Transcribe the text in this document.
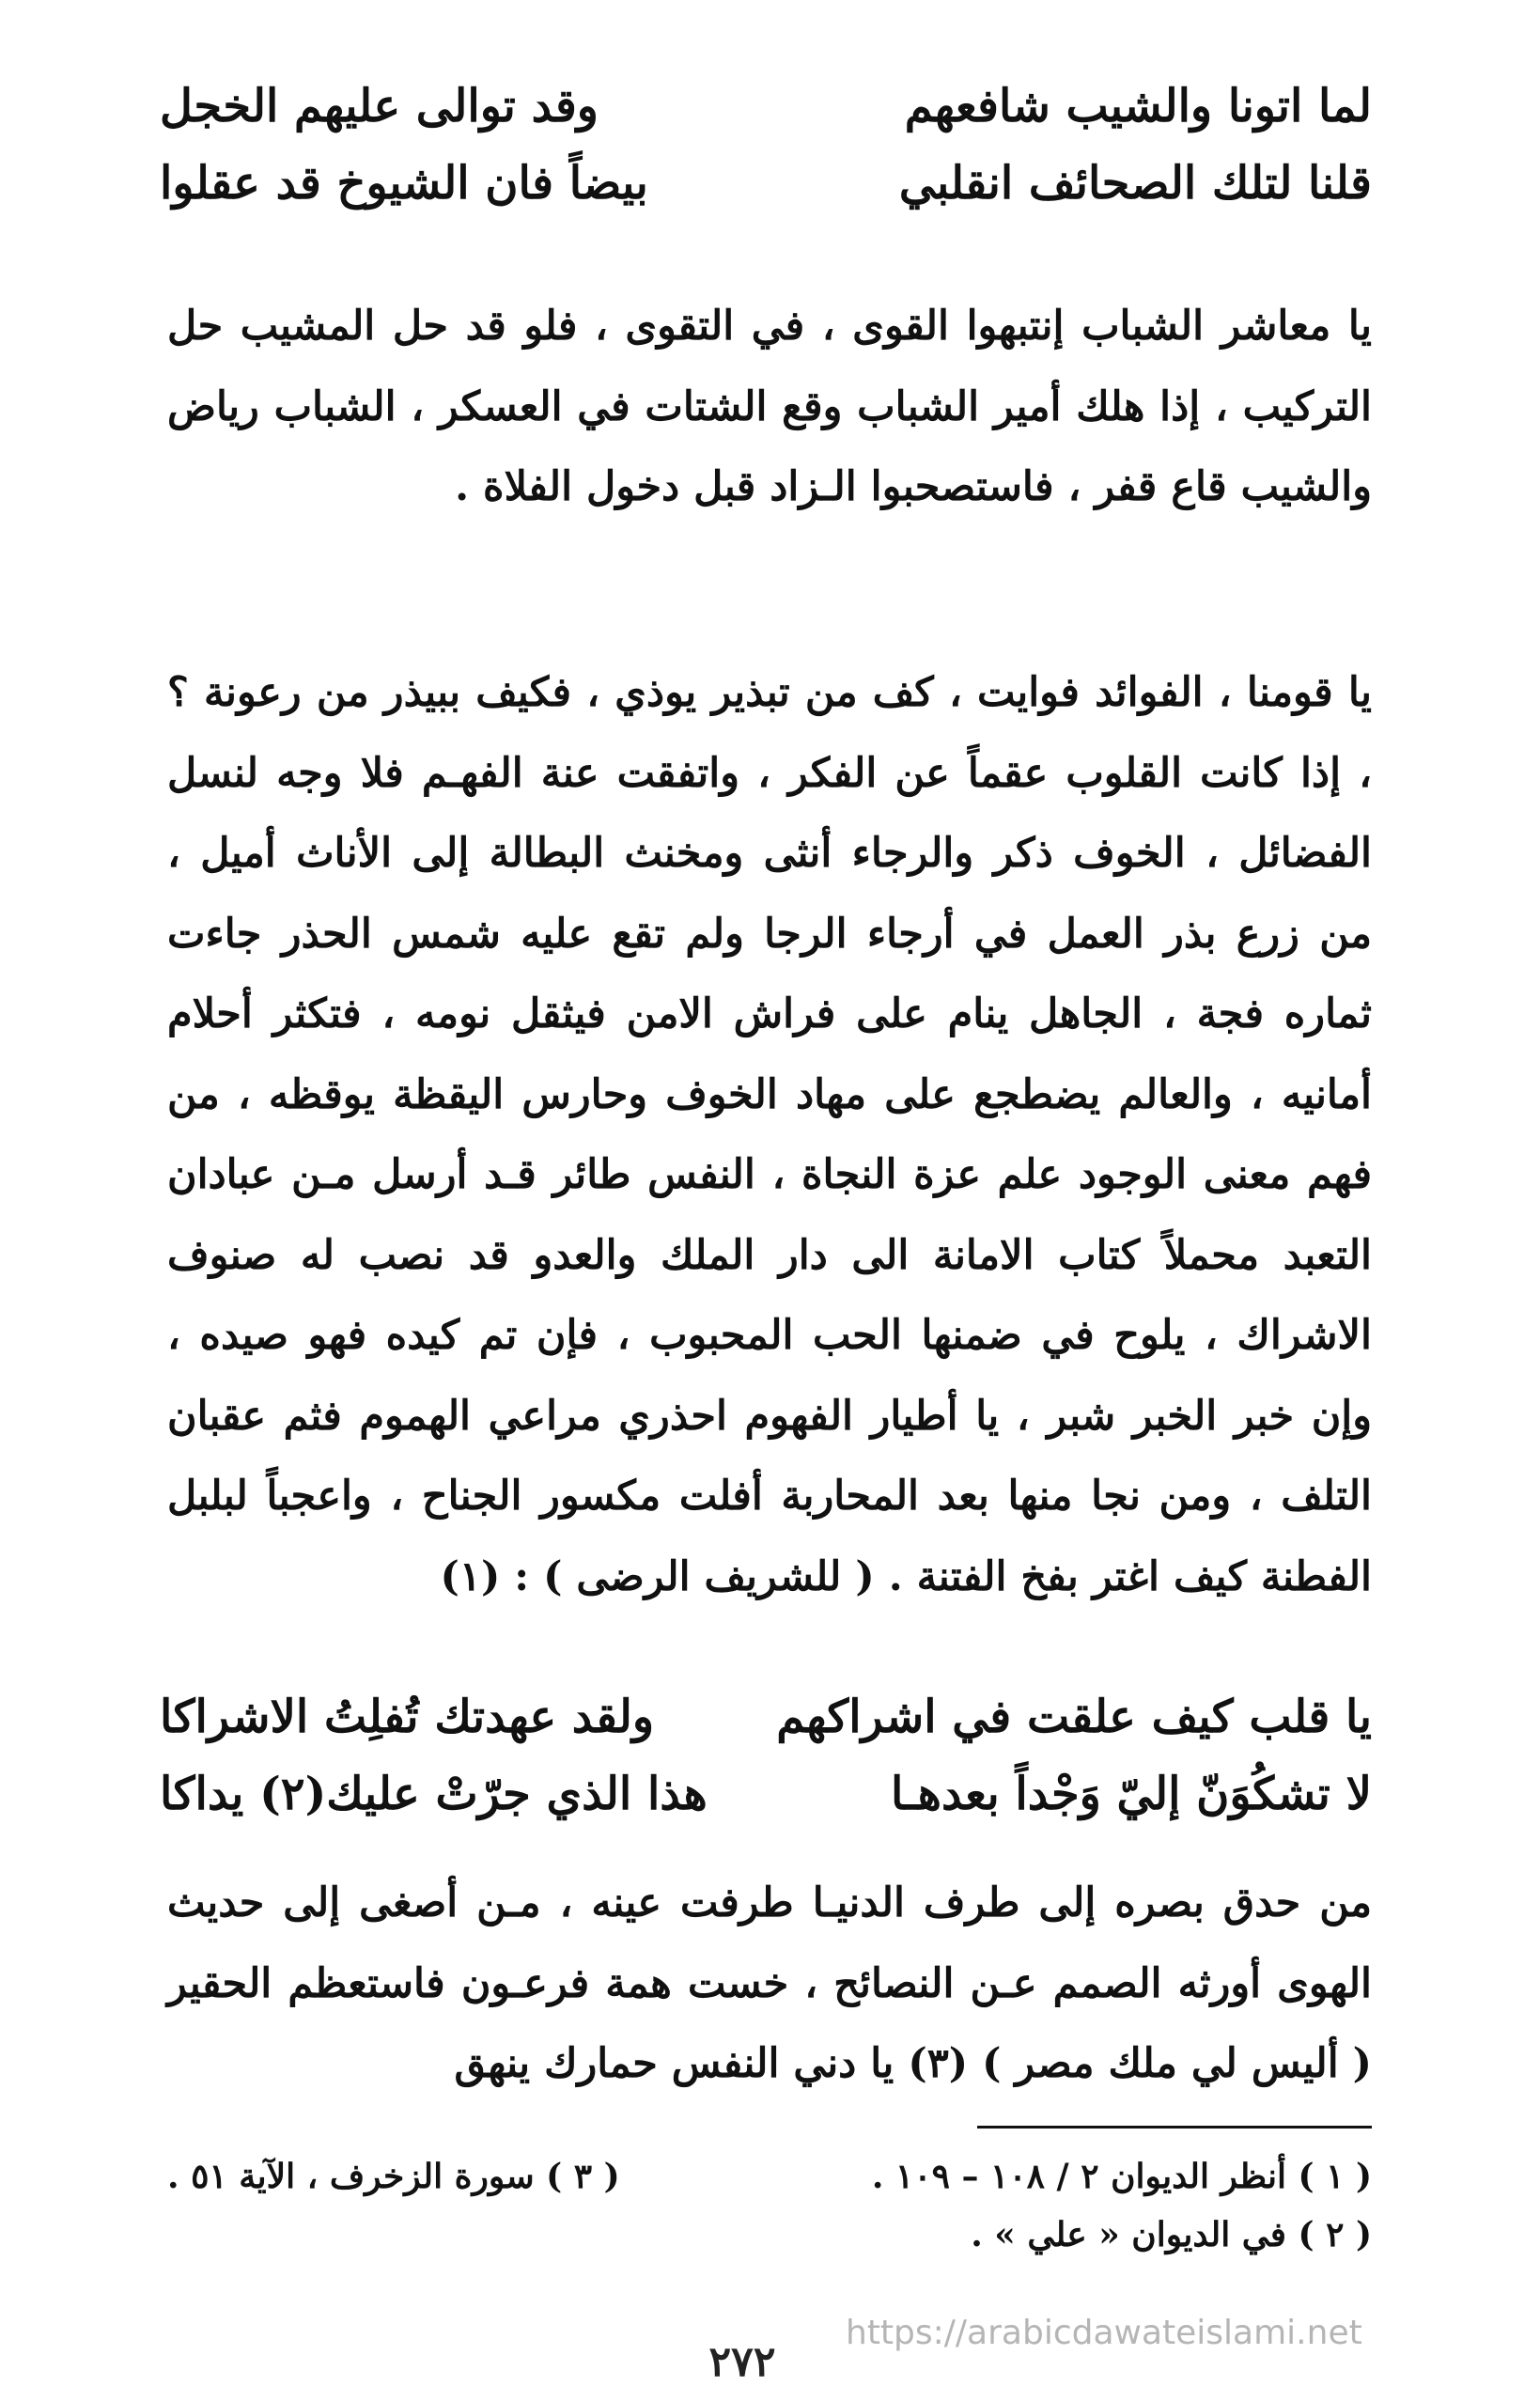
لما اتونا والشيب شافعهم
وقد توالى عليهم الخجل
قلنا لتلك الصحائف انقلبي
بيضاً فان الشيوخ قد عقلوا

يا معاشر الشباب إنتبهوا القوى ، في التقوى ، فلو قد حل المشيب حل التركيب ، إذا هلك أمير الشباب وقع الشتات في العسكر ، الشباب رياض والشيب قاع قفر ، فاستصحبوا الـزاد قبل دخول الفلاة .

يا قومنا ، الفوائد فوايت ، كف من تبذير يوذي ، فكيف ببيذر من رعونة ؟ ، إذا كانت القلوب عقماً عن الفكر ، واتفقت عنة الفهـم فلا وجه لنسل الفضائل ، الخوف ذكر والرجاء أنثى ومخنث البطالة إلى الأناث أميل ، من زرع بذر العمل في أرجاء الرجا ولم تقع عليه شمس الحذر جاءت ثماره فجة ، الجاهل ينام على فراش الامن فيثقل نومه ، فتكثر أحلام أمانيه ، والعالم يضطجع على مهاد الخوف وحارس اليقظة يوقظه ، من فهم معنى الوجود علم عزة النجاة ، النفس طائر قـد أرسل مـن عبادان التعبد محملاً كتاب الامانة الى دار الملك والعدو قد نصب له صنوف الاشراك ، يلوح في ضمنها الحب المحبوب ، فإن تم كيده فهو صيده ، وإن خبر الخبر شبر ، يا أطيار الفهوم احذري مراعي الهموم فثم عقبان التلف ، ومن نجا منها بعد المحاربة أفلت مكسور الجناح ، واعجباً لبلبل الفطنة كيف اغتر بفخ الفتنة . ( للشريف الرضى ) : (١)

يا قلب كيف علقت في اشراكهم
ولقد عهدتك تُفلِتُ الاشراكا
لا تشكُوَنّ إليّ وَجْداً بعدهـا
هذا الذي جرّتْ عليك(٢) يداكا

من حدق بصره إلى طرف الدنيـا طرفت عينه ، مـن أصغى إلى حديث الهوى أورثه الصمم عـن النصائح ، خست همة فرعـون فاستعظم الحقير ( أليس لي ملك مصر ) (٣) يا دني النفس حمارك ينهق

( ١ ) أنظر الديوان ٢ / ١٠٨ – ١٠٩ .
( ٣ ) سورة الزخرف ، الآية ٥١ .
( ٢ ) في الديوان « علي » .
https://arabicdawateislami.net
٢٧٢
